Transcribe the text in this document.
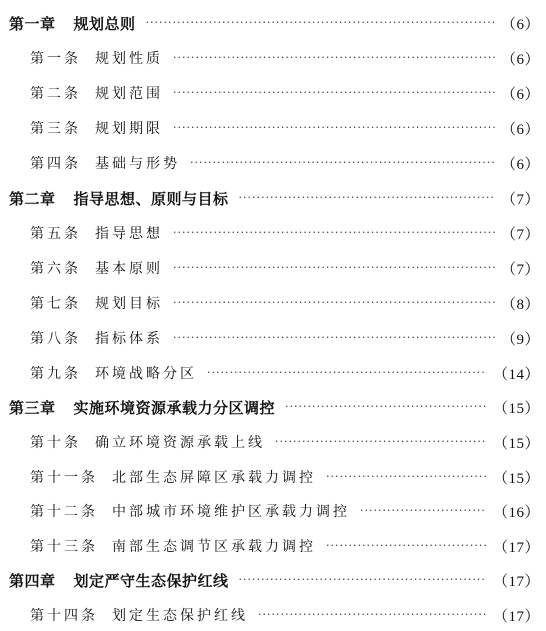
第一章 规划总则 ·····	（6）
第一条 规划性质 ·····	（6）
第二条 规划范围 ·····	（6）
第三条 规划期限 ·····	（6）
第四条 基础与形势 ·····	（6）
第二章 指导思想、原则与目标 ·····	（7）
第五条 指导思想 ·····	（7）
第六条 基本原则 ·····	（7）
第七条 规划目标 ·····	（8）
第八条 指标体系 ·····	（9）
第九条 环境战略分区 ·····	（14）
第三章 实施环境资源承载力分区调控 ·····	（15）
第十条 确立环境资源承载上线 ·····	（15）
第十一条 北部生态屏障区承载力调控 ·····	（15）
第十二条 中部城市环境维护区承载力调控 ·····	（16）
第十三条 南部生态调节区承载力调控 ·····	（17）
第四章 划定严守生态保护红线 ·····	（17）
第十四条 划定生态保护红线 ·····	（17）
